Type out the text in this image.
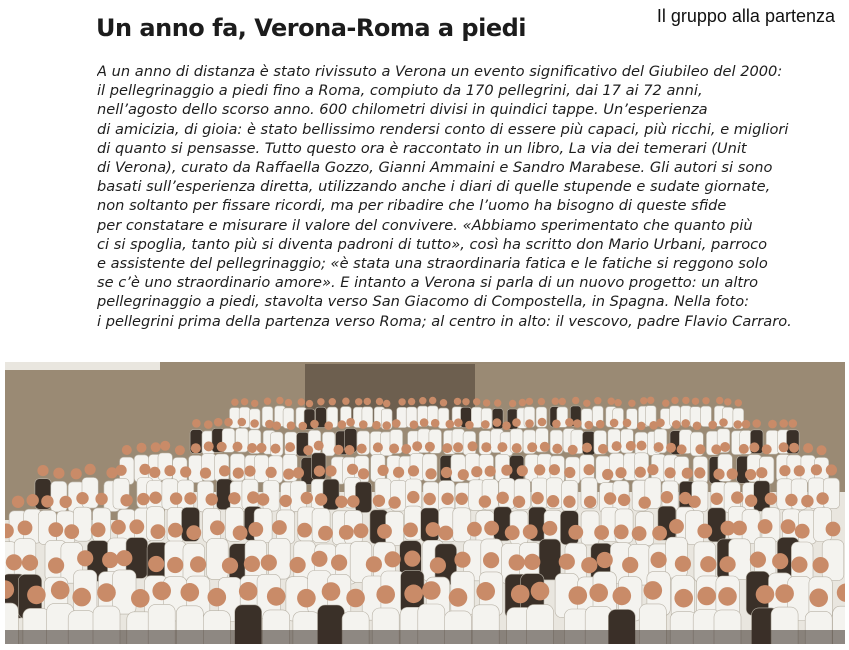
Il gruppo alla partenza
Un anno fa, Verona-Roma a piedi
A un anno di distanza è stato rivissuto a Verona un evento significativo del Giubileo del 2000:
il pellegrinaggio a piedi fino a Roma, compiuto da 170 pellegrini, dai 17 ai 72 anni,
nell’agosto dello scorso anno. 600 chilometri divisi in quindici tappe. Un’esperienza
di amicizia, di gioia: è stato bellissimo rendersi conto di essere più capaci, più ricchi, e migliori
di quanto si pensasse. Tutto questo ora è raccontato in un libro, La via dei temerari (Unit
di Verona), curato da Raffaella Gozzo, Gianni Ammaini e Sandro Marabese. Gli autori si sono
basati sull’esperienza diretta, utilizzando anche i diari di quelle stupende e sudate giornate,
non soltanto per fissare ricordi, ma per ribadire che l’uomo ha bisogno di queste sfide
per constatare e misurare il valore del convivere. «Abbiamo sperimentato che quanto più
ci si spoglia, tanto più si diventa padroni di tutto», così ha scritto don Mario Urbani, parroco
e assistente del pellegrinaggio; «è stata una straordinaria fatica e le fatiche si reggono solo
se c’è uno straordinario amore». E intanto a Verona si parla di un nuovo progetto: un altro
pellegrinaggio a piedi, stavolta verso San Giacomo di Compostella, in Spagna. Nella foto:
i pellegrini prima della partenza verso Roma; al centro in alto: il vescovo, padre Flavio Carraro.
